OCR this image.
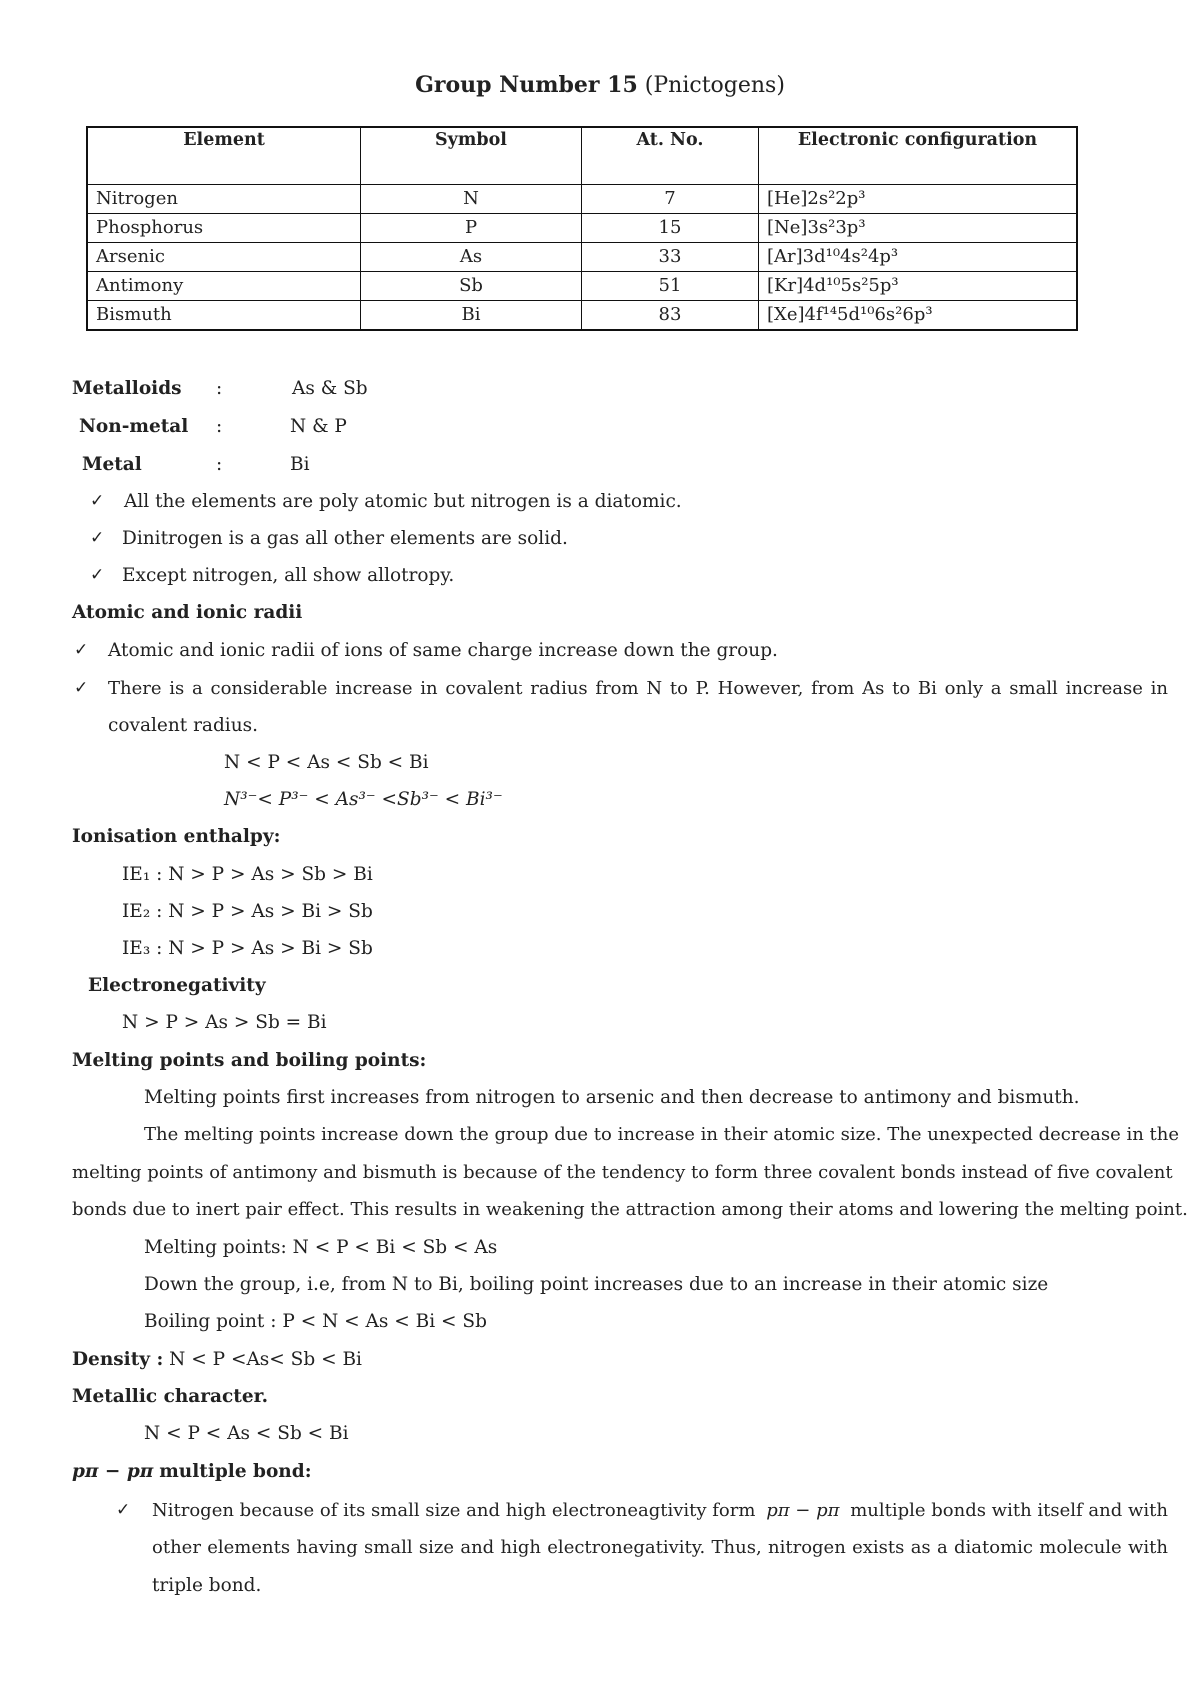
Group Number 15 (Pnictogens)
Element	Symbol	At. No.	Electronic configuration
Nitrogen	N	7	[He]2s²2p³
Phosphorus	P	15	[Ne]3s²3p³
Arsenic	As	33	[Ar]3d¹⁰4s²4p³
Antimony	Sb	51	[Kr]4d¹⁰5s²5p³
Bismuth	Bi	83	[Xe]4f¹⁴5d¹⁰6s²6p³
Metalloids :	As & Sb
Non-metal :	N & P
Metal	:	Bi
✓ All the elements are poly atomic but nitrogen is a diatomic.
✓ Dinitrogen is a gas all other elements are solid.
✓ Except nitrogen, all show allotropy.
Atomic and ionic radii
✓ Atomic and ionic radii of ions of same charge increase down the group.
✓ There is a considerable increase in covalent radius from N to P. However, from As to Bi only a small increase in
covalent radius.
N < P < As < Sb < Bi
N³⁻< P³⁻ < As³⁻ <Sb³⁻ < Bi³⁻
Ionisation enthalpy:
IE₁ : N > P > As > Sb > Bi
IE₂ : N > P > As > Bi > Sb
IE₃ : N > P > As > Bi > Sb
Electronegativity
N > P > As > Sb = Bi
Melting points and boiling points:
Melting points first increases from nitrogen to arsenic and then decrease to antimony and bismuth.
The melting points increase down the group due to increase in their atomic size. The unexpected decrease in the
melting points of antimony and bismuth is because of the tendency to form three covalent bonds instead of five covalent
bonds due to inert pair effect. This results in weakening the attraction among their atoms and lowering the melting point.
Melting points: N < P < Bi < Sb < As
Down the group, i.e, from N to Bi, boiling point increases due to an increase in their atomic size
Boiling point : P < N < As < Bi < Sb
Density : N < P <As< Sb < Bi
Metallic character.
N < P < As < Sb < Bi
pπ − pπ multiple bond:
✓ Nitrogen because of its small size and high electroneagtivity form pπ − pπ multiple bonds with itself and with
other elements having small size and high electronegativity. Thus, nitrogen exists as a diatomic molecule with
triple bond.
